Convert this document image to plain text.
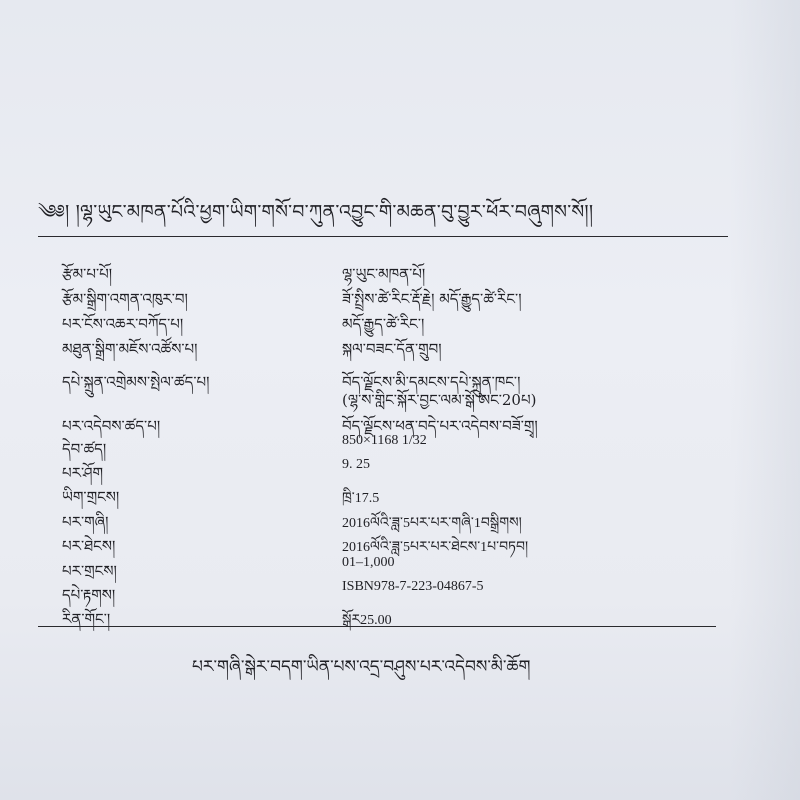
༄༅། །ལྷ་ཡུང་མཁན་པོའི་ཕྱག་ཡིག་གསོ་བ་ཀུན་འབྱུང་གི་མཆན་བུ་བྱུར་ཕོར་བཞུགས་སོ།།
རྩོམ་པ་པོ།	ལྷ་ཡུང་མཁན་པོ།
རྩོམ་སྒྲིག་འགན་འཁུར་བ།	ཟོ་སྤྲིས་ཚེ་རིང་རྡོ་རྗེ། མདོ་རྒྱུད་ཚེ་རིང་།
པར་ངོས་འཆར་བཀོད་པ།	མདོ་རྒྱུད་ཚེ་རིང་།
མཐུན་སྒྲིག་མཇོས་འཚོས་པ།	སྐལ་བཟང་དོན་གྲུབ།
དཔེ་སྐྲུན་འགྲེམས་སྤེལ་ཚད་པ།	བོད་ལྗོངས་མི་དམངས་དཔེ་སྐྲུན་ཁང་།
(ལྷ་ས་གླིང་སྐོར་བྱང་ལམ་སྒོ་ཨང་20པ)
པར་འདེབས་ཚད་པ།	བོད་ལྗོངས་ཕན་བདེ་པར་འདེབས་བཟོ་གྲྭ།
དེབ་ཚད།	850×1168 1/32
པར་ཤོག	9. 25
ཡིག་གྲངས།	ཁྲི་17.5
པར་གཞི།	2016ལོའི་ཟླ་5པར་པར་གཞི་1བསྒྲིགས།
པར་ཐེངས།	2016ལོའི་ཟླ་5པར་པར་ཐེངས་1པ་བཏབ།
པར་གྲངས།	01–1,000
དཔེ་རྟགས།	ISBN978-7-223-04867-5
རིན་གོང་།	སྒོར25.00
པར་གཞི་སྒེར་བདག་ཡིན་པས་འདྲ་བཤུས་པར་འདེབས་མི་ཆོག
